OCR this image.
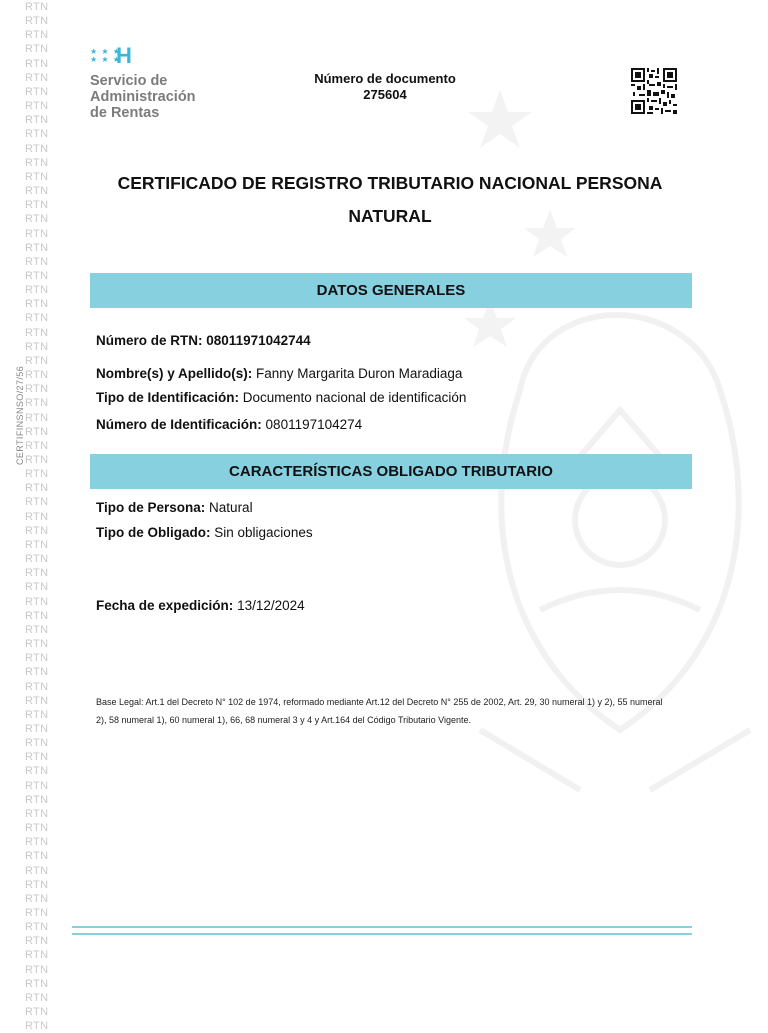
RTN
RTN
RTN
RTN
RTN
RTN
RTN
RTN
RTN
RTN
RTN
RTN
RTN
RTN
RTN
RTN
RTN
RTN
RTN
RTN
RTN
RTN
RTN
RTN
RTN
RTN
RTN
RTN
RTN
RTN
RTN
RTN
RTN
RTN
RTN
RTN
RTN
RTN
RTN
RTN
RTN
RTN
RTN
RTN
RTN
RTN
RTN
RTN
RTN
RTN
RTN
RTN
RTN
RTN
RTN
RTN
RTN
RTN
RTN
RTN
RTN
RTN
RTN
RTN
RTN
RTN
RTN
RTN
RTN
RTN
RTN
RTN
RTN
CERTIFINSNSO/27/56
★ ★ ★
★ ★ ★
H
Servicio de
Administración
de Rentas
Número de documento
275604
CERTIFICADO DE REGISTRO TRIBUTARIO NACIONAL PERSONA NATURAL
DATOS GENERALES
Número de RTN: 08011971042744
Nombre(s) y Apellido(s): Fanny Margarita Duron Maradiaga
Tipo de Identificación: Documento nacional de identificación
Número de Identificación: 0801197104274
CARACTERÍSTICAS OBLIGADO TRIBUTARIO
Tipo de Persona: Natural
Tipo de Obligado: Sin obligaciones
Fecha de expedición: 13/12/2024
Base Legal: Art.1 del Decreto N° 102 de 1974, reformado mediante Art.12 del Decreto N° 255 de 2002, Art. 29, 30 numeral 1) y 2), 55 numeral 2), 58 numeral 1), 60 numeral 1), 66, 68 numeral 3 y 4 y Art.164 del Código Tributario Vigente.
